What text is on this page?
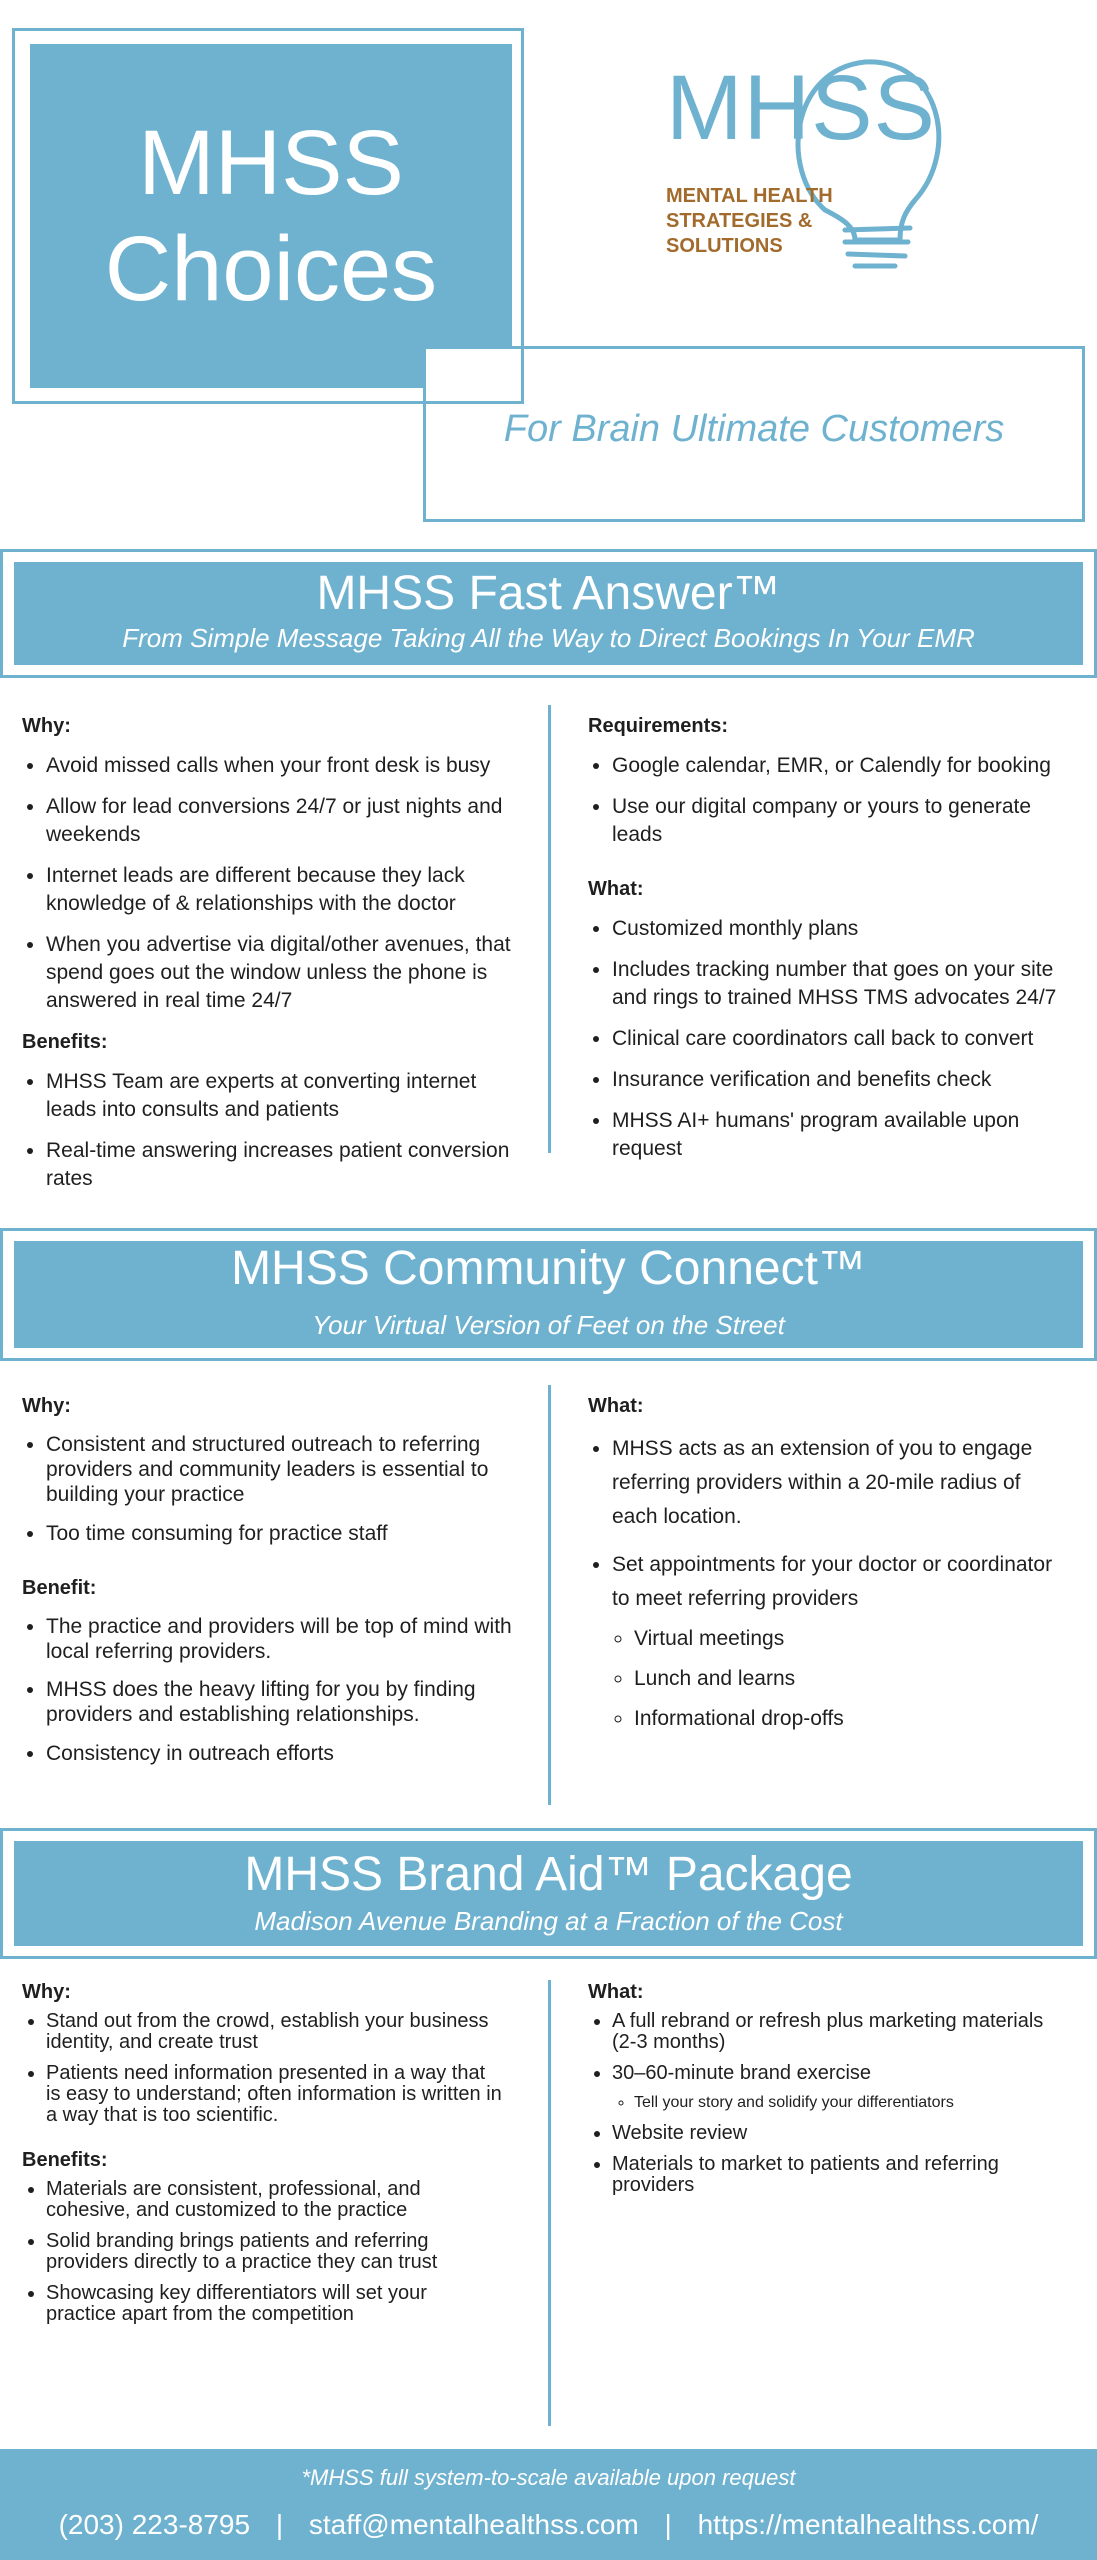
MHSS
Choices
For Brain Ultimate Customers
MHSS
MENTAL HEALTH
STRATEGIES &
SOLUTIONS
MHSS Fast Answer™
From Simple Message Taking All the Way to Direct Bookings In Your EMR
Why:
• Avoid missed calls when your front desk is busy
• Allow for lead conversions 24/7 or just nights and weekends
• Internet leads are different because they lack knowledge of & relationships with the doctor
• When you advertise via digital/other avenues, that spend goes out the window unless the phone is answered in real time 24/7
Benefits:
• MHSS Team are experts at converting internet leads into consults and patients
• Real-time answering increases patient conversion rates
Requirements:
• Google calendar, EMR, or Calendly for booking
• Use our digital company or yours to generate leads
What:
• Customized monthly plans
• Includes tracking number that goes on your site and rings to trained MHSS TMS advocates 24/7
• Clinical care coordinators call back to convert
• Insurance verification and benefits check
• MHSS AI+ humans' program available upon request
MHSS Community Connect™
Your Virtual Version of Feet on the Street
Why:
• Consistent and structured outreach to referring providers and community leaders is essential to building your practice
• Too time consuming for practice staff
Benefit:
• The practice and providers will be top of mind with local referring providers.
• MHSS does the heavy lifting for you by finding providers and establishing relationships.
• Consistency in outreach efforts
What:
• MHSS acts as an extension of you to engage referring providers within a 20-mile radius of each location.
• Set appointments for your doctor or coordinator to meet referring providers
◦ Virtual meetings
◦ Lunch and learns
◦ Informational drop-offs
MHSS Brand Aid™ Package
Madison Avenue Branding at a Fraction of the Cost
Why:
• Stand out from the crowd, establish your business identity, and create trust
• Patients need information presented in a way that is easy to understand; often information is written in a way that is too scientific.
Benefits:
• Materials are consistent, professional, and cohesive, and customized to the practice
• Solid branding brings patients and referring providers directly to a practice they can trust
• Showcasing key differentiators will set your practice apart from the competition
What:
• A full rebrand or refresh plus marketing materials (2-3 months)
• 30–60-minute brand exercise
◦ Tell your story and solidify your differentiators
• Website review
• Materials to market to patients and referring providers
*MHSS full system-to-scale available upon request
(203) 223-8795 | staff@mentalhealthss.com | https://mentalhealthss.com/
